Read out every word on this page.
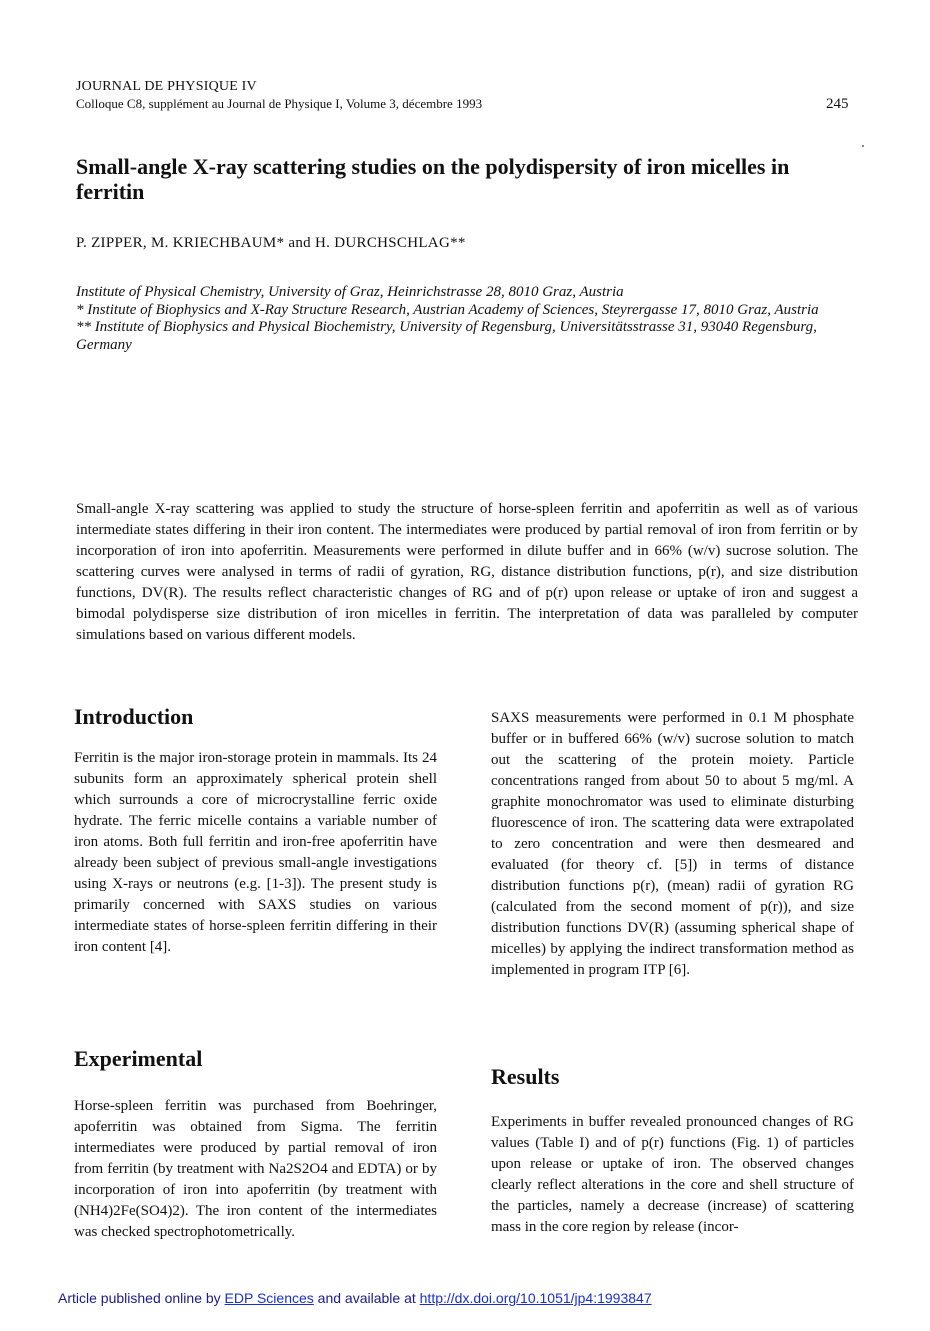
JOURNAL DE PHYSIQUE IV
Colloque C8, supplément au Journal de Physique I, Volume 3, décembre 1993	245
Small-angle X-ray scattering studies on the polydispersity of iron micelles in ferritin
P. ZIPPER, M. KRIECHBAUM* and H. DURCHSCHLAG**

Institute of Physical Chemistry, University of Graz, Heinrichstrasse 28, 8010 Graz, Austria

* Institute of Biophysics and X-Ray Structure Research, Austrian Academy of Sciences, Steyrergasse 17, 8010 Graz, Austria

** Institute of Biophysics and Physical Biochemistry, University of Regensburg, Universitätsstrasse 31, 93040 Regensburg, Germany

Small-angle X-ray scattering was applied to study the structure of horse-spleen ferritin and apoferritin as well as of various intermediate states differing in their iron content. The intermediates were produced by partial removal of iron from ferritin or by incorporation of iron into apoferritin. Measurements were performed in dilute buffer and in 66% (w/v) sucrose solution. The scattering curves were analysed in terms of radii of gyration, RG, distance distribution functions, p(r), and size distribution functions, DV(R). The results reflect characteristic changes of RG and of p(r) upon release or uptake of iron and suggest a bimodal polydisperse size distribution of iron micelles in ferritin. The interpretation of data was paralleled by computer simulations based on various different models.
Introduction

Ferritin is the major iron-storage protein in mammals. Its 24 subunits form an approximately spherical protein shell which surrounds a core of microcrystalline ferric oxide hydrate. The ferric micelle contains a variable number of iron atoms. Both full ferritin and iron-free apoferritin have already been subject of previous small-angle investigations using X-rays or neutrons (e.g. [1-3]). The present study is primarily concerned with SAXS studies on various intermediate states of horse-spleen ferritin differing in their iron content [4].

Experimental

Horse-spleen ferritin was purchased from Boehringer, apoferritin was obtained from Sigma. The ferritin intermediates were produced by partial removal of iron from ferritin (by treatment with Na2S2O4 and EDTA) or by incorporation of iron into apoferritin (by treatment with (NH4)2Fe(SO4)2). The iron content of the intermediates was checked spectrophotometrically.

SAXS measurements were performed in 0.1 M phosphate buffer or in buffered 66% (w/v) sucrose solution to match out the scattering of the protein moiety. Particle concentrations ranged from about 50 to about 5 mg/ml. A graphite monochromator was used to eliminate disturbing fluorescence of iron. The scattering data were extrapolated to zero concentration and were then desmeared and evaluated (for theory cf. [5]) in terms of distance distribution functions p(r), (mean) radii of gyration RG (calculated from the second moment of p(r)), and size distribution functions DV(R) (assuming spherical shape of micelles) by applying the indirect transformation method as implemented in program ITP [6].

Results

Experiments in buffer revealed pronounced changes of RG values (Table I) and of p(r) functions (Fig. 1) of particles upon release or uptake of iron. The observed changes clearly reflect alterations in the core and shell structure of the particles, namely a decrease (increase) of scattering mass in the core region by release (incor-

Article published online by EDP Sciences and available at http://dx.doi.org/10.1051/jp4:1993847
